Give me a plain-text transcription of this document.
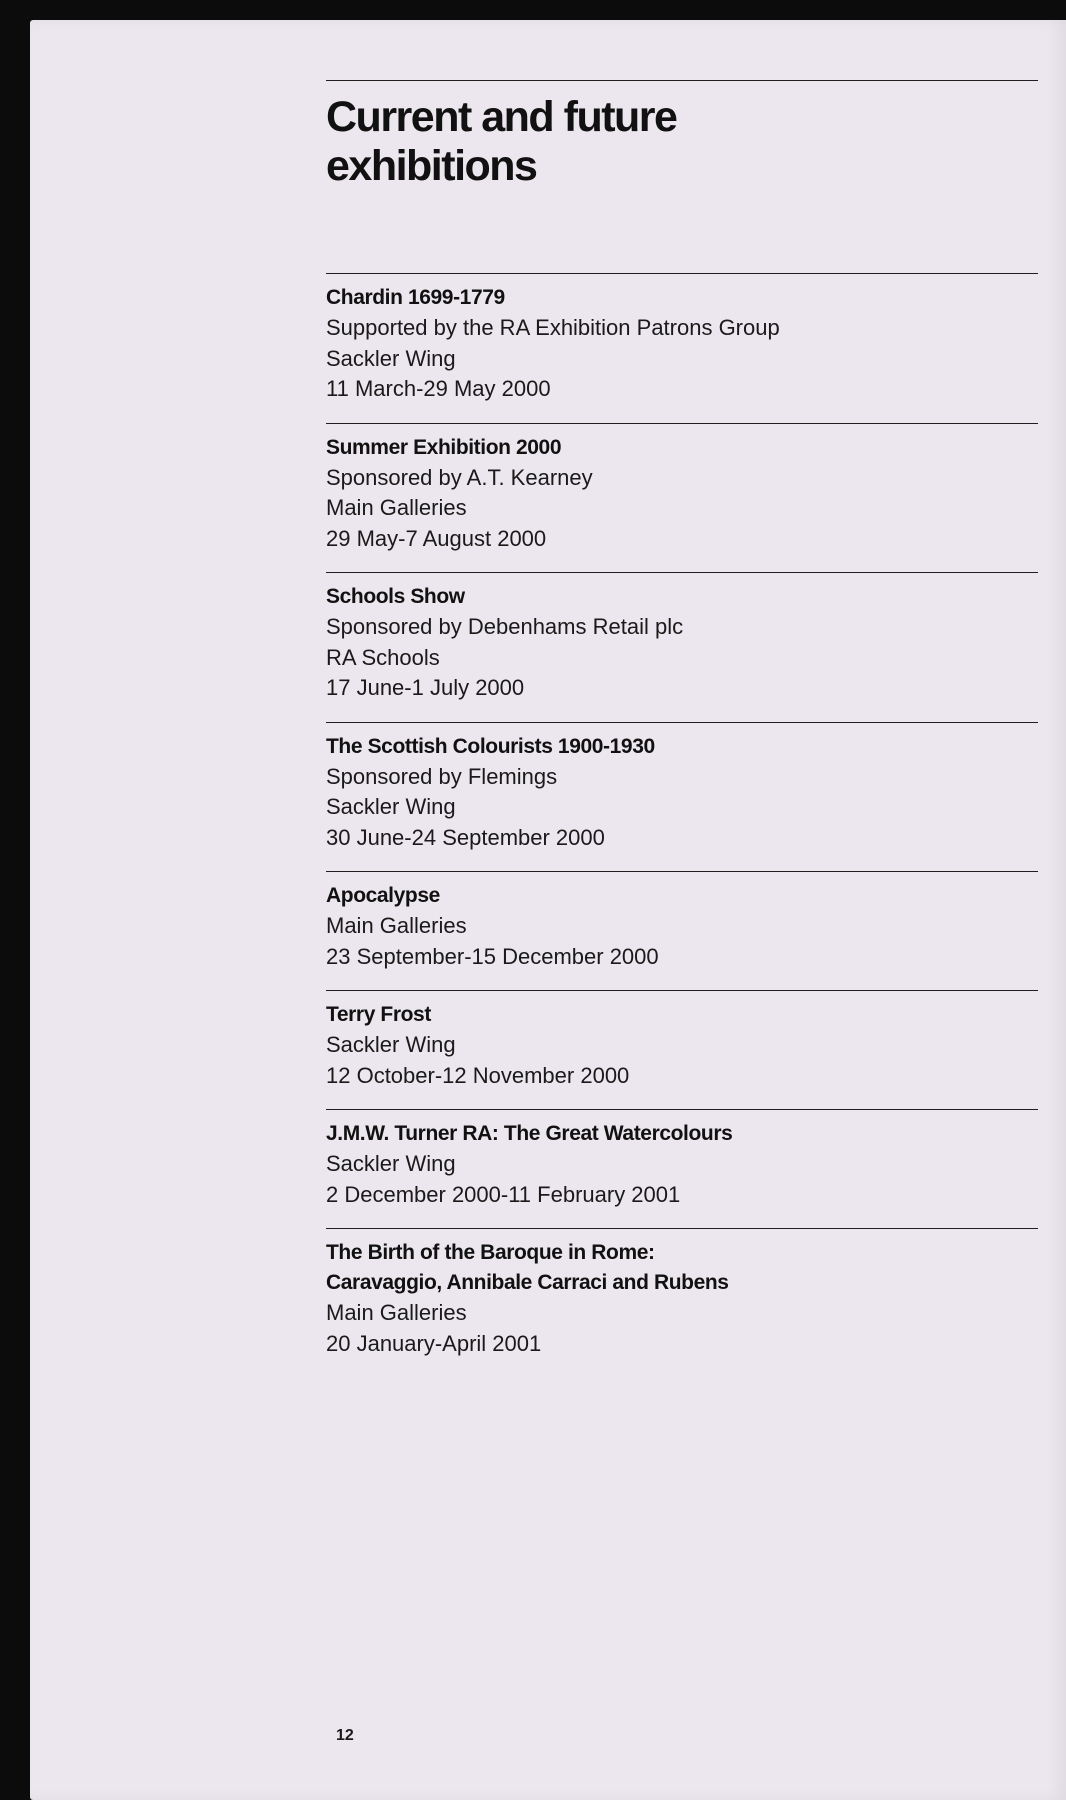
Current and future
exhibitions
Chardin 1699-1779
Supported by the RA Exhibition Patrons Group
Sackler Wing
11 March-29 May 2000
Summer Exhibition 2000
Sponsored by A.T. Kearney
Main Galleries
29 May-7 August 2000
Schools Show
Sponsored by Debenhams Retail plc
RA Schools
17 June-1 July 2000
The Scottish Colourists 1900-1930
Sponsored by Flemings
Sackler Wing
30 June-24 September 2000
Apocalypse
Main Galleries
23 September-15 December 2000
Terry Frost
Sackler Wing
12 October-12 November 2000
J.M.W. Turner RA: The Great Watercolours
Sackler Wing
2 December 2000-11 February 2001
The Birth of the Baroque in Rome:
Caravaggio, Annibale Carraci and Rubens
Main Galleries
20 January-April 2001
12
